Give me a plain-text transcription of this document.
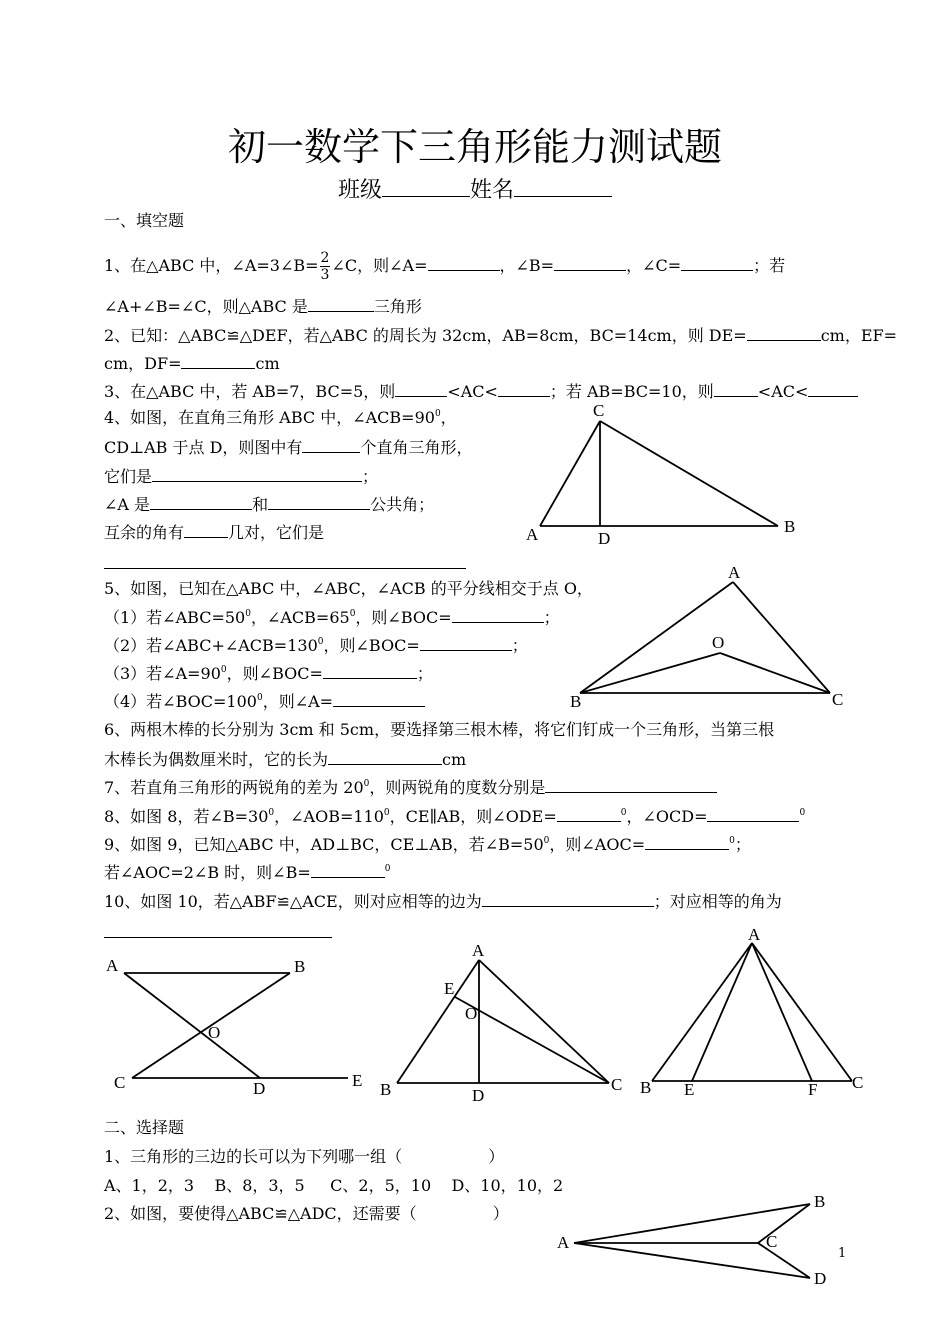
初一数学下三角形能力测试题
班级	姓名
一、填空题
1、在△ABC 中，∠A=3∠B= $\frac{2}{3}$ ∠C，则∠A=	，∠B=	，∠C=	；若
∠A+∠B=∠C，则△ABC 是	三角形
2、已知：△ABC≌△DEF，若△ABC 的周长为 32cm，AB=8cm，BC=14cm，则 DE=	cm，EF=
cm，DF=	cm
3、在△ABC 中，若 AB=7，BC=5，则	<AC<	；若 AB=BC=10，则	<AC<
4、如图，在直角三角形 ABC 中，$\angle ACB=90^0$，
CD⊥AB 于点 D，则图中有	个直角三角形，
它们是	；
∠A 是	和	公共角；
互余的角有	几对，它们是
C
A	D
B
5、如图，已知在△ABC 中，∠ABC，∠ACB 的平分线相交于点 O，
（1）若$\angle ABC=50^0$，$\angle ACB=65^0$，则∠BOC=	；
（2）若$\angle ABC+\angle ACB=130^0$，则∠BOC=	；
（3）若$\angle A=90^0$，则∠BOC=	；
（4）若$\angle BOC=100^0$，则∠A=
A
O
B	C
6、两根木棒的长分别为 3cm 和 5cm，要选择第三根木棒，将它们钉成一个三角形，当第三根
木棒长为偶数厘米时，它的长为	cm
7、若直角三角形的两锐角的差为 $20^0$，则两锐角的度数分别是
8、如图 8，若$\angle B=30^0$，$\angle AOB=110^0$，CE∥AB，则∠ODE=	$^0$，∠OCD=	$^0$
9、如图 9，已知△ABC 中，AD⊥BC，CE⊥AB，若$\angle B=50^0$，则∠AOC=	$^0$；
若∠AOC=2∠B 时，则∠B=	$^0$
10、如图 10，若△ABF≌△ACE，则对应相等的边为	；对应相等的角为
A	B
O
C	D	E
A
E
O
B	D
C
A
B E	F C
二、选择题
1、三角形的三边的长可以为下列哪一组（	）
A、1，2，3    B、8，3，5     C、2，5，10    D、10，10，2
2、如图，要使得△ABC≌△ADC，还需要（	）
A
B
C
D
1
